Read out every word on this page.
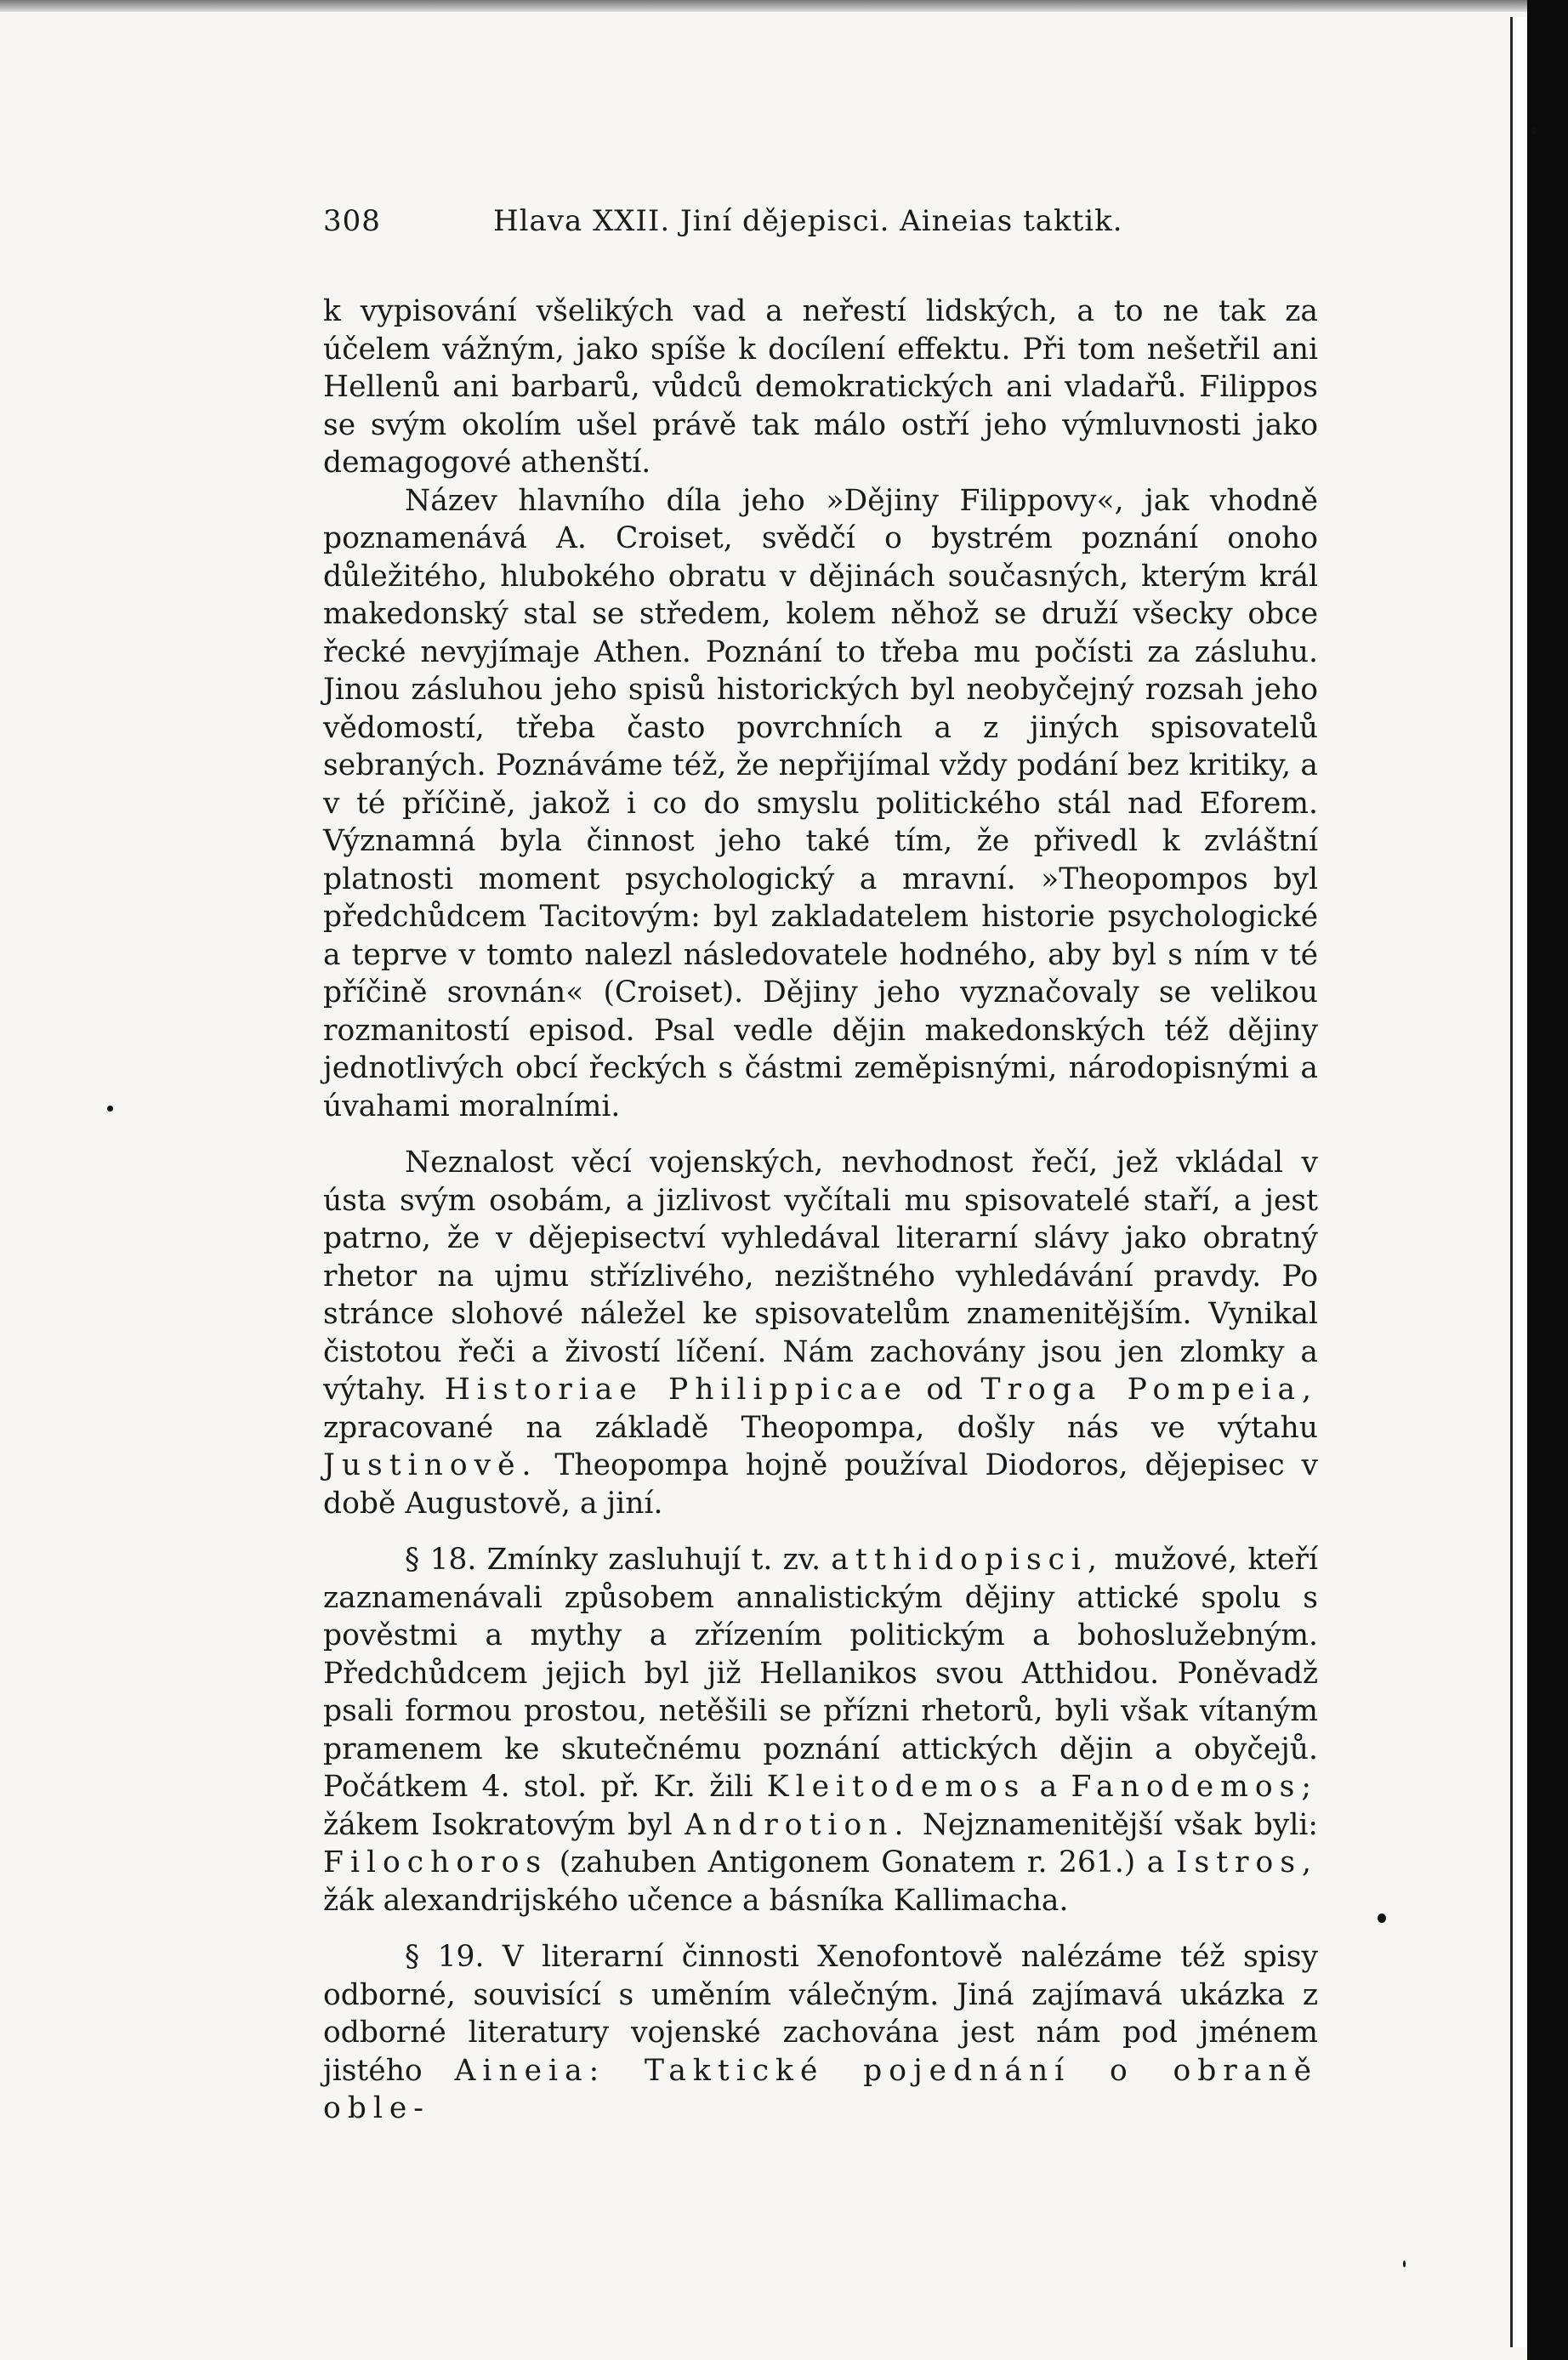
308	Hlava XXII. Jiní dějepisci. Aineias taktik.

k vypisování všelikých vad a neřestí lidských, a to ne tak za účelem vážným, jako spíše k docílení effektu. Při tom nešetřil ani Hellenů ani barbarů, vůdců demokratických ani vladařů. Filippos se svým okolím ušel právě tak málo ostří jeho výmluvnosti jako demagogové athenští.

Název hlavního díla jeho »Dějiny Filippovy«, jak vhodně poznamenává A. Croiset, svědčí o bystrém poznání onoho důležitého, hlubokého obratu v dějinách současných, kterým král makedonský stal se středem, kolem něhož se druží všecky obce řecké nevyjímaje Athen. Poznání to třeba mu počísti za zásluhu. Jinou zásluhou jeho spisů historických byl neobyčejný rozsah jeho vědomostí, třeba často povrchních a z jiných spisovatelů sebraných. Poznáváme též, že nepřijímal vždy podání bez kritiky, a v té příčině, jakož i co do smyslu politického stál nad Eforem. Významná byla činnost jeho také tím, že přivedl k zvláštní platnosti moment psychologický a mravní. »Theopompos byl předchůdcem Tacitovým: byl zakladatelem historie psychologické a teprve v tomto nalezl následovatele hodného, aby byl s ním v té příčině srovnán« (Croiset). Dějiny jeho vyznačovaly se velikou rozmanitostí episod. Psal vedle dějin makedonských též dějiny jednotlivých obcí řeckých s částmi zeměpisnými, národopisnými a úvahami moralními.

Neznalost věcí vojenských, nevhodnost řečí, jež vkládal v ústa svým osobám, a jizlivost vyčítali mu spisovatelé staří, a jest patrno, že v dějepisectví vyhledával literarní slávy jako obratný rhetor na ujmu střízlivého, nezištného vyhledávání pravdy. Po stránce slohové náležel ke spisovatelům znamenitějším. Vynikal čistotou řeči a živostí líčení. Nám zachovány jsou jen zlomky a výtahy. Historiae Philippicae od Troga Pompeia, zpracované na základě Theopompa, došly nás ve výtahu Justinově. Theopompa hojně používal Diodoros, dějepisec v době Augustově, a jiní.

§ 18. Zmínky zasluhují t. zv. atthidopisci, mužové, kteří zaznamenávali způsobem annalistickým dějiny attické spolu s pověstmi a mythy a zřízením politickým a bohoslužebným. Předchůdcem jejich byl již Hellanikos svou Atthidou. Poněvadž psali formou prostou, netěšili se přízni rhetorů, byli však vítaným pramenem ke skutečnému poznání attických dějin a obyčejů. Počátkem 4. stol. př. Kr. žili Kleitodemos a Fanodemos; žákem Isokratovým byl Androtion. Nejznamenitější však byli: Filochoros (zahuben Antigonem Gonatem r. 261.) a Istros, žák alexandrijského učence a básníka Kallimacha.

§ 19. V literarní činnosti Xenofontově nalézáme též spisy odborné, souvisící s uměním válečným. Jiná zajímavá ukázka z odborné literatury vojenské zachována jest nám pod jménem jistého Aineia: Taktické pojednání o obraně oble-
